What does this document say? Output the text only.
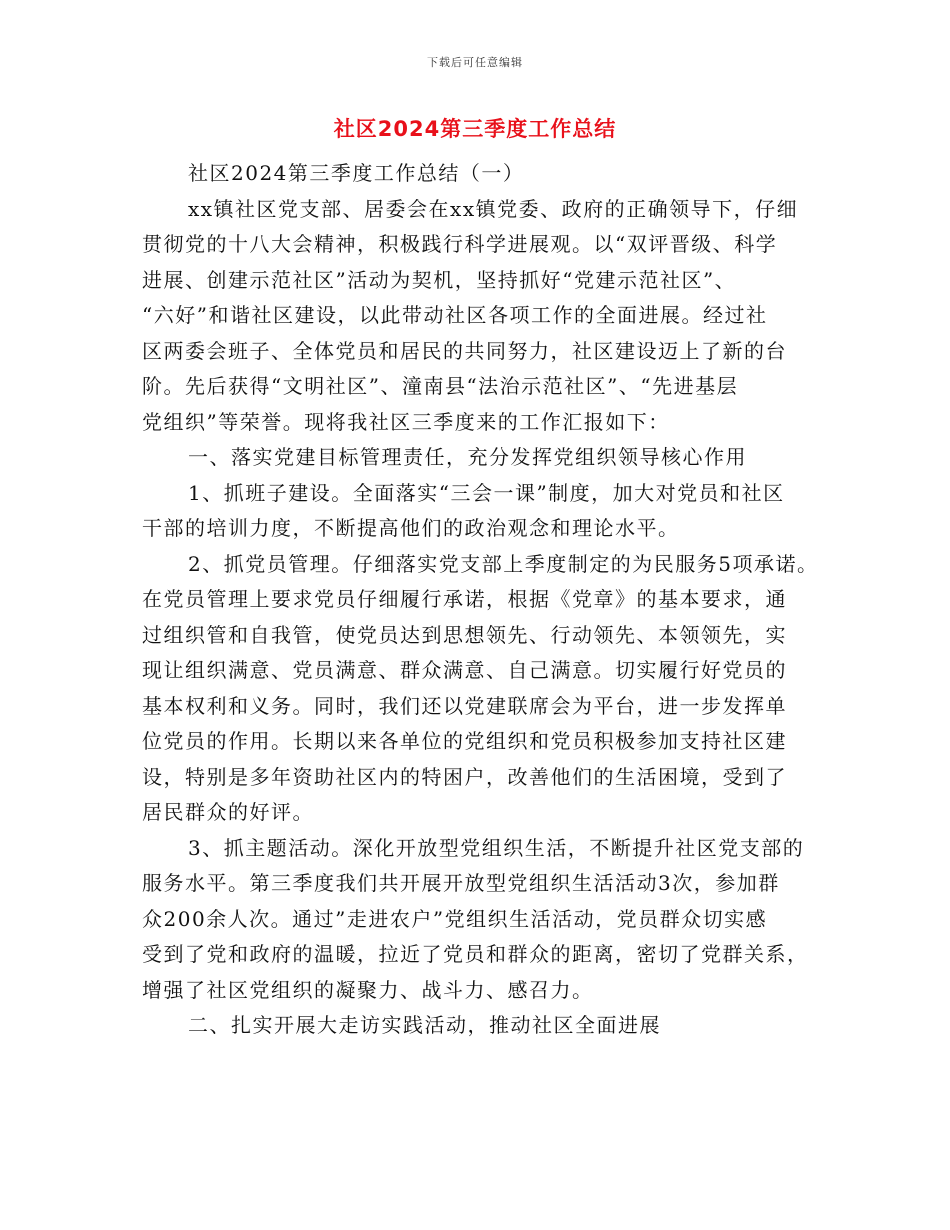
下载后可任意编辑
社区2024第三季度工作总结
社区2024第三季度工作总结（一）
xx镇社区党支部、居委会在xx镇党委、政府的正确领导下，仔细
贯彻党的十八大会精神，积极践行科学进展观。以“双评晋级、科学
进展、创建示范社区”活动为契机，坚持抓好“党建示范社区”、
“六好”和谐社区建设，以此带动社区各项工作的全面进展。经过社
区两委会班子、全体党员和居民的共同努力，社区建设迈上了新的台
阶。先后获得“文明社区”、潼南县“法治示范社区”、“先进基层
党组织”等荣誉。现将我社区三季度来的工作汇报如下：
一、落实党建目标管理责任，充分发挥党组织领导核心作用
1、抓班子建设。全面落实“三会一课”制度，加大对党员和社区
干部的培训力度，不断提高他们的政治观念和理论水平。
2、抓党员管理。仔细落实党支部上季度制定的为民服务5项承诺。
在党员管理上要求党员仔细履行承诺，根据《党章》的基本要求，通
过组织管和自我管，使党员达到思想领先、行动领先、本领领先，实
现让组织满意、党员满意、群众满意、自己满意。切实履行好党员的
基本权利和义务。同时，我们还以党建联席会为平台，进一步发挥单
位党员的作用。长期以来各单位的党组织和党员积极参加支持社区建
设，特别是多年资助社区内的特困户，改善他们的生活困境，受到了
居民群众的好评。
3、抓主题活动。深化开放型党组织生活，不断提升社区党支部的
服务水平。第三季度我们共开展开放型党组织生活活动3次，参加群
众200余人次。通过”走进农户”党组织生活活动，党员群众切实感
受到了党和政府的温暖，拉近了党员和群众的距离，密切了党群关系，
增强了社区党组织的凝聚力、战斗力、感召力。
二、扎实开展大走访实践活动，推动社区全面进展
